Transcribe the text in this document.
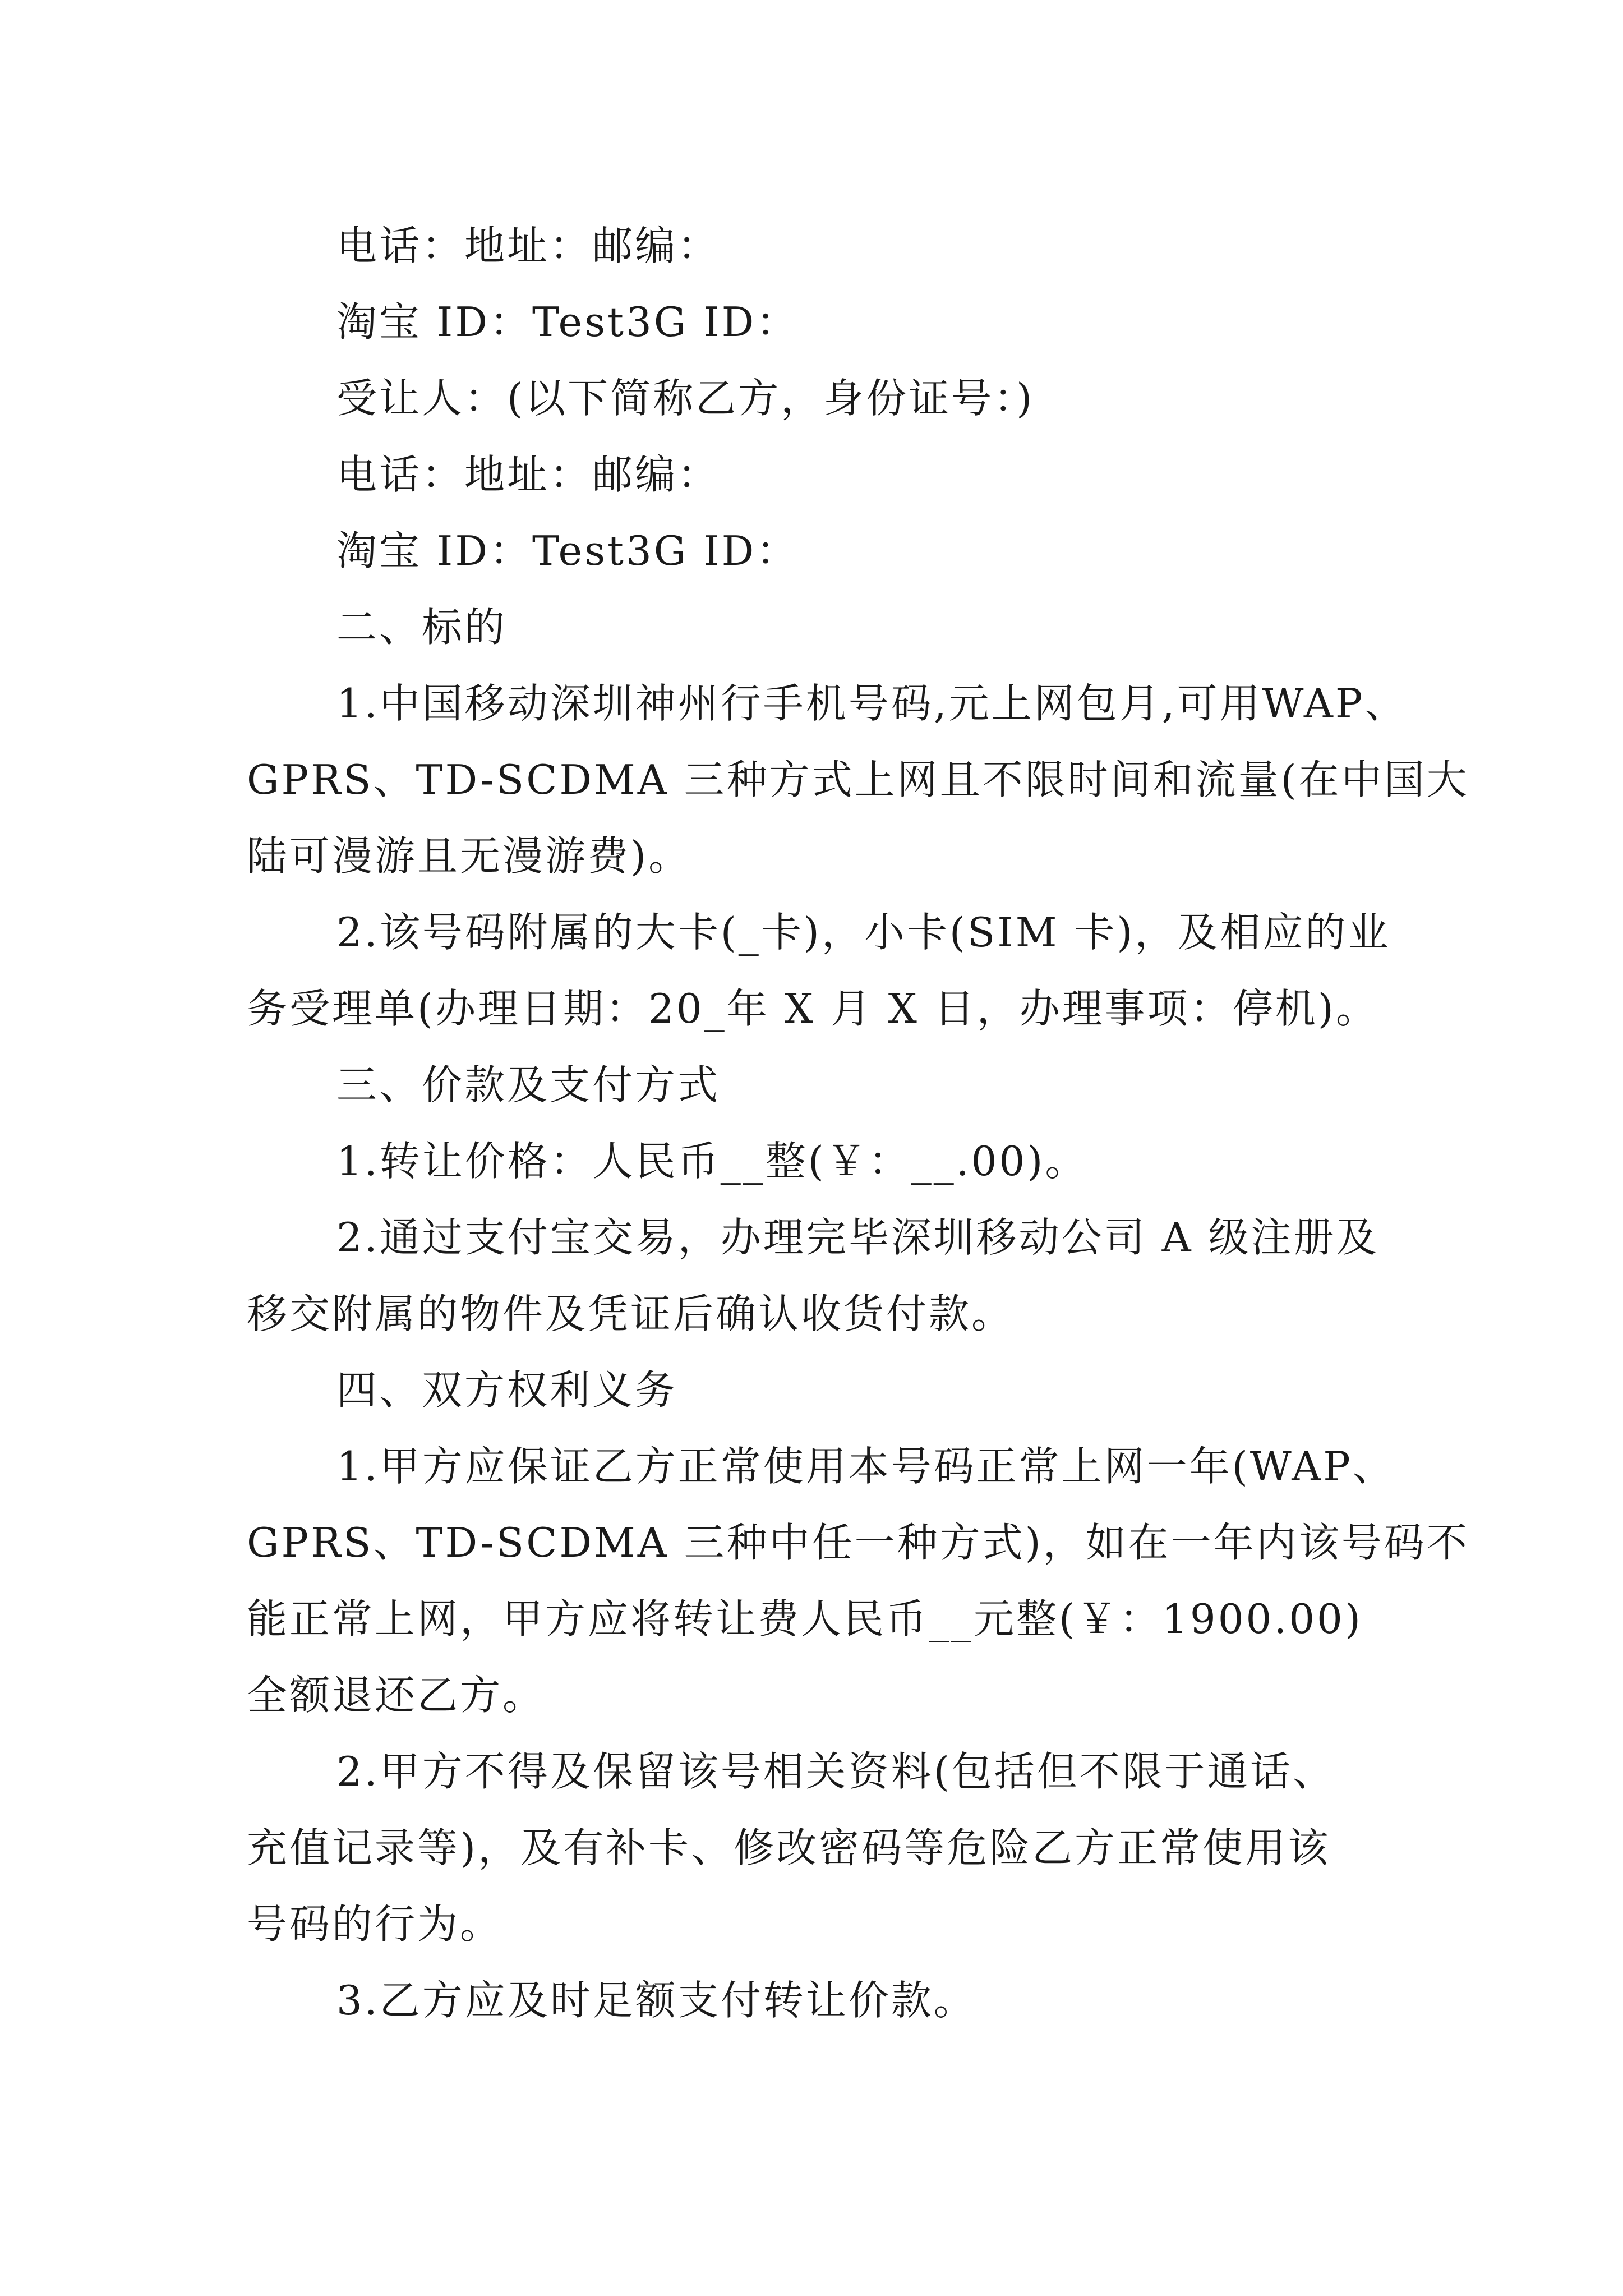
电话：地址：邮编：

淘宝 ID：Test3G ID：

受让人：(以下简称乙方，身份证号：)

电话：地址：邮编：

淘宝 ID：Test3G ID：

二、标的

1.中国移动深圳神州行手机号码,元上网包月,可用WAP、

GPRS、TD-SCDMA 三种方式上网且不限时间和流量(在中国大

陆可漫游且无漫游费)。

2.该号码附属的大卡(_卡)，小卡(SIM 卡)，及相应的业

务受理单(办理日期：20_年 X 月 X 日，办理事项：停机)。

三、价款及支付方式

1.转让价格：人民币__整(￥：__.00)。

2.通过支付宝交易，办理完毕深圳移动公司 A 级注册及

移交附属的物件及凭证后确认收货付款。

四、双方权利义务

1.甲方应保证乙方正常使用本号码正常上网一年(WAP、

GPRS、TD-SCDMA 三种中任一种方式)，如在一年内该号码不

能正常上网，甲方应将转让费人民币__元整(￥：1900.00)

全额退还乙方。

2.甲方不得及保留该号相关资料(包括但不限于通话、

充值记录等)，及有补卡、修改密码等危险乙方正常使用该

号码的行为。

3.乙方应及时足额支付转让价款。
